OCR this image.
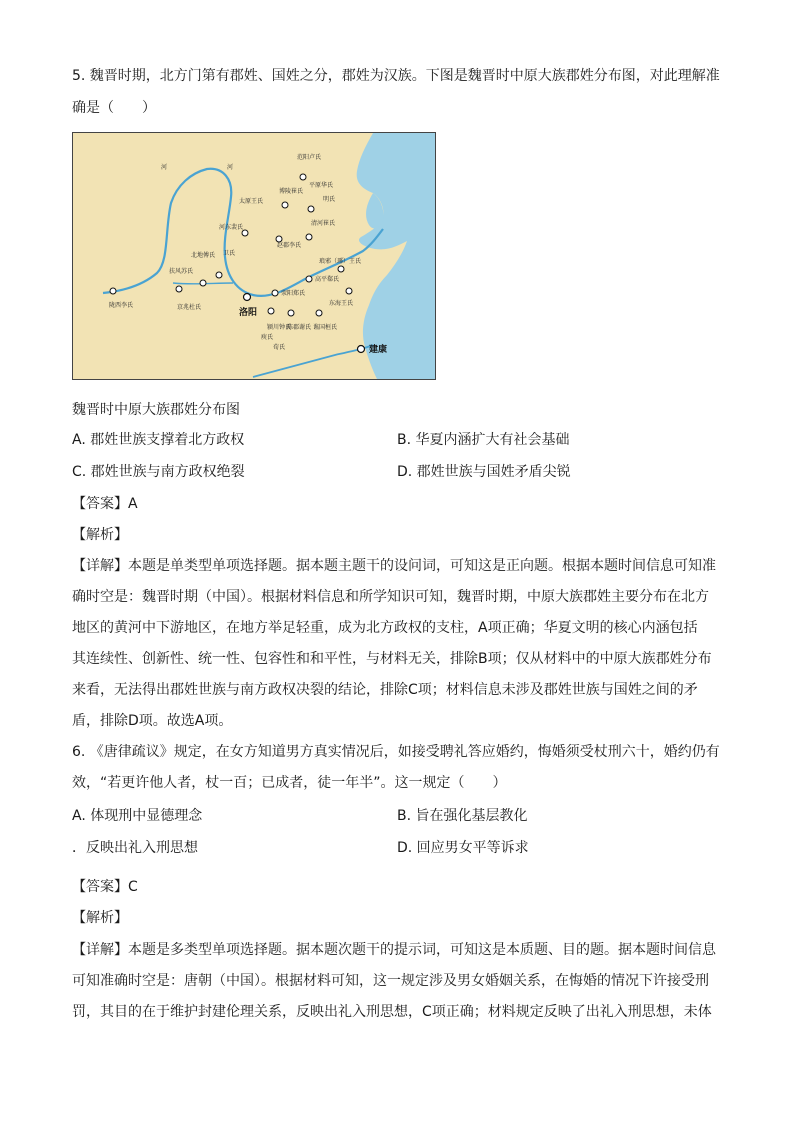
5. 魏晋时期，北方门第有郡姓、国姓之分，郡姓为汉族。下图是魏晋时中原大族郡姓分布图，对此理解准
确是（　　）
河	河
范阳卢氏
博陵崔氏
平原华氏
明氏
清河崔氏
太原王氏
河东裴氏
卫氏
赵郡李氏
北地傅氏
琅邪（琊）王氏
高平郗氏
扶风苏氏
陇西李氏	京兆杜氏
洛阳
荥阳郑氏
颍川钟氏
庾氏
荀氏
陈郡谢氏 谯国桓氏
东海王氏
建康
魏晋时中原大族郡姓分布图
A. 郡姓世族支撑着北方政权	B. 华夏内涵扩大有社会基础
C. 郡姓世族与南方政权绝裂	D. 郡姓世族与国姓矛盾尖锐
【答案】A
【解析】
【详解】本题是单类型单项选择题。据本题主题干的设问词，可知这是正向题。根据本题时间信息可知准
确时空是：魏晋时期（中国）。根据材料信息和所学知识可知，魏晋时期，中原大族郡姓主要分布在北方
地区的黄河中下游地区，在地方举足轻重，成为北方政权的支柱，A项正确；华夏文明的核心内涵包括
其连续性、创新性、统一性、包容性和和平性，与材料无关，排除B项；仅从材料中的中原大族郡姓分布
来看，无法得出郡姓世族与南方政权决裂的结论，排除C项；材料信息未涉及郡姓世族与国姓之间的矛
盾，排除D项。故选A项。
6. 《唐律疏议》规定，在女方知道男方真实情况后，如接受聘礼答应婚约，悔婚须受杖刑六十，婚约仍有
效，“若更许他人者，杖一百；已成者，徒一年半”。这一规定（　　）
A. 体现刑中显德理念	B. 旨在强化基层教化
．反映出礼入刑思想	D. 回应男女平等诉求
【答案】C
【解析】
【详解】本题是多类型单项选择题。据本题次题干的提示词，可知这是本质题、目的题。据本题时间信息
可知准确时空是：唐朝（中国）。根据材料可知，这一规定涉及男女婚姻关系，在悔婚的情况下许接受刑
罚，其目的在于维护封建伦理关系，反映出礼入刑思想，C项正确；材料规定反映了出礼入刑思想，未体
